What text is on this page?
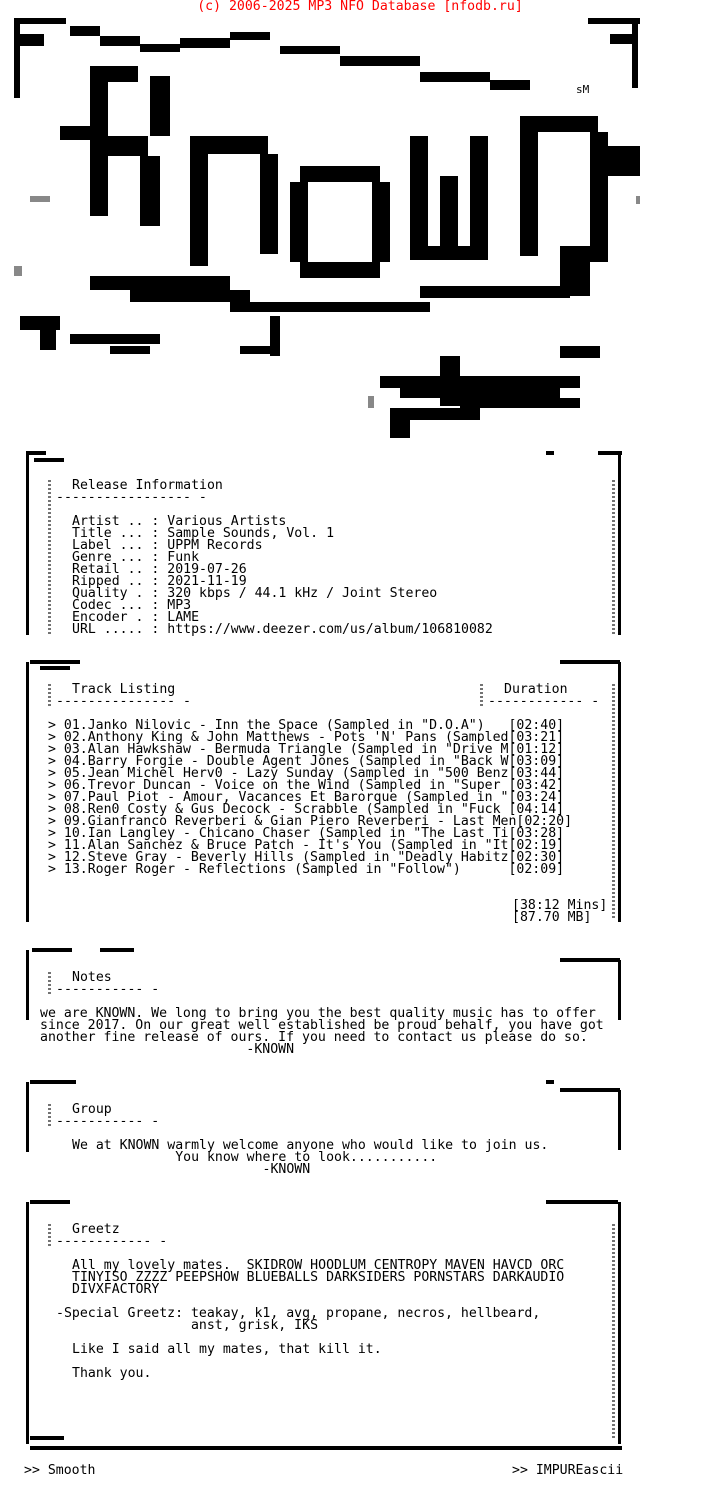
(c) 2006-2025 MP3 NFO Database [nfodb.ru]
sM
Release Information
----------------- -
Artist .. : Various Artists
Title ... : Sample Sounds, Vol. 1
Label ... : UPPM Records
Genre ... : Funk
Retail .. : 2019-07-26
Ripped .. : 2021-11-19
Quality . : 320 kbps / 44.1 kHz / Joint Stereo
Codec ... : MP3
Encoder . : LAME
URL ..... : https://www.deezer.com/us/album/106810082
Track Listing
--------------- -
Duration
------------ -
> 01.Janko Nilovic - Inn the Space (Sampled in "D.O.A")   [02:40]
> 02.Anthony King & John Matthews - Pots 'N' Pans (Sampled[03:21]
> 03.Alan Hawkshaw - Bermuda Triangle (Sampled in "Drive M[01:12]
> 04.Barry Forgie - Double Agent Jones (Sampled in "Back W[03:09]
> 05.Jean Michel Herv0 - Lazy Sunday (Sampled in "500 Benz[03:44]
> 06.Trevor Duncan - Voice on the Wind (Sampled in "Super [03:42]
> 07.Paul Piot - Amour, Vacances Et Barorque (Sampled in "[03:24]
> 08.Ren0 Costy & Gus Decock - Scrabble (Sampled in "Fuck [04:14]
> 09.Gianfranco Reverberi & Gian Piero Reverberi - Last Men[02:20]
> 10.Ian Langley - Chicano Chaser (Sampled in "The Last Ti[03:28]
> 11.Alan Sanchez & Bruce Patch - It's You (Sampled in "It[02:19]
> 12.Steve Gray - Beverly Hills (Sampled in "Deadly Habitz[02:30]
> 13.Roger Roger - Reflections (Sampled in "Follow")      [02:09]
[38:12 Mins]
[87.70 MB]
Notes
----------- -
we are KNOWN. We long to bring you the best quality music has to offer
since 2017. On our great well established be proud behalf, you have got
another fine release of ours. If you need to contact us please do so.
-KNOWN
Group
----------- -
We at KNOWN warmly welcome anyone who would like to join us.
You know where to look...........
-KNOWN
Greetz
------------ -
All my lovely mates.  SKIDROW HOODLUM CENTROPY MAVEN HAVCD ORC
TINYISO ZZZZ PEEPSHOW BLUEBALLS DARKSIDERS PORNSTARS DARKAUDIO
DIVXFACTORY
-Special Greetz: teakay, k1, avg, propane, necros, hellbeard,
anst, grisk, IKS
Like I said all my mates, that kill it.
Thank you.
>> Smooth	>> IMPUREascii
